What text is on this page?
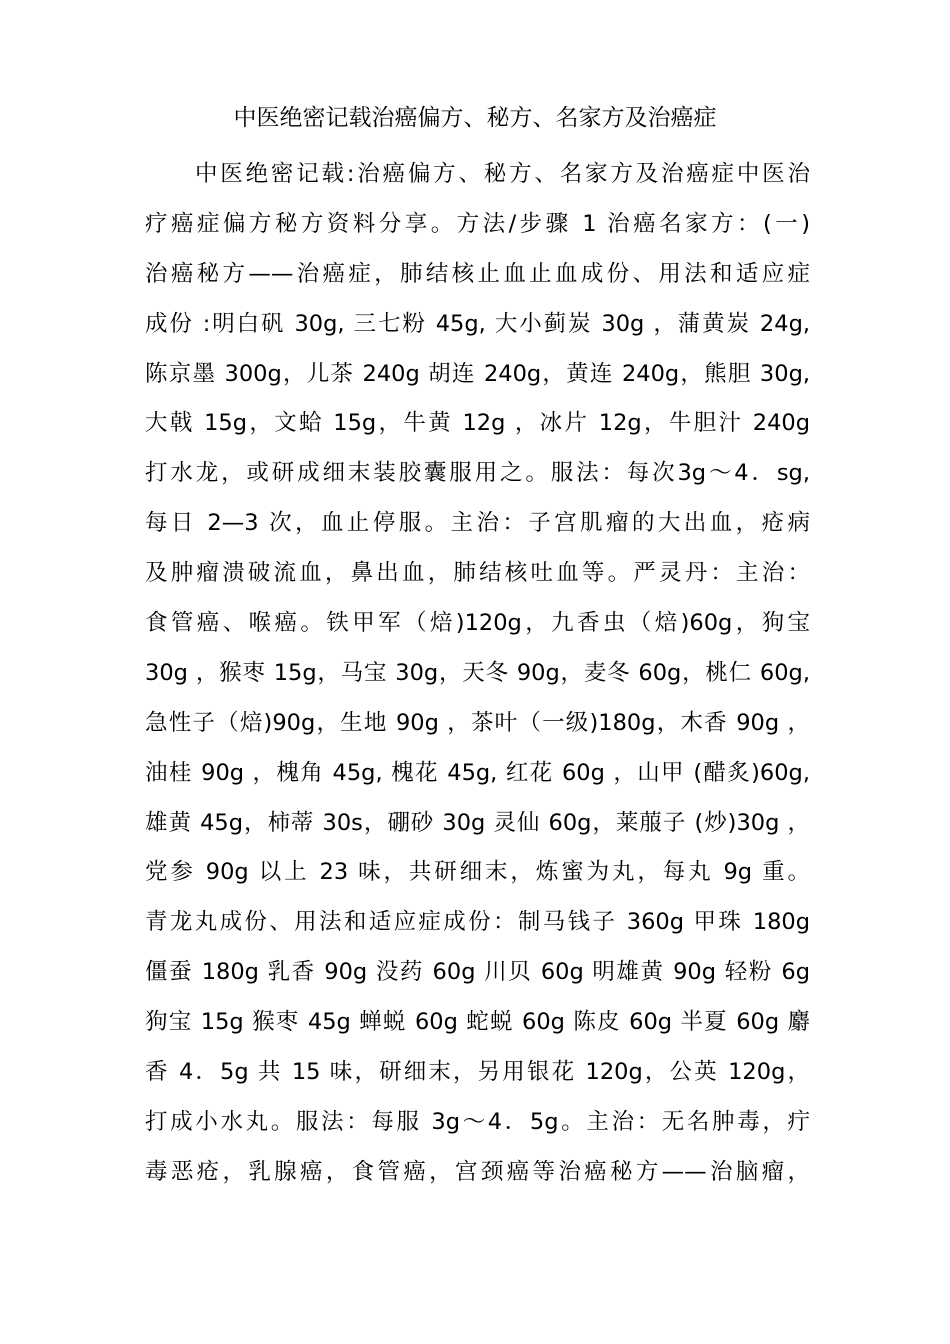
中医绝密记载治癌偏方、秘方、名家方及治癌症
中医绝密记载:治癌偏方、秘方、名家方及治癌症中医治
疗癌症偏方秘方资料分享。方法/步骤 1 治癌名家方：(一)
治癌秘方——治癌症，肺结核止血止血成份、用法和适应症
成份 :明白矾 30g, 三七粉 45g, 大小蓟炭 30g ，蒲黄炭 24g,
陈京墨 300g，儿茶 240g 胡连 240g，黄连 240g，熊胆 30g,
大戟 15g，文蛤 15g，牛黄 12g ，冰片 12g，牛胆汁 240g
打水龙，或研成细末装胶囊服用之。服法：每次3g～4．sg,
每日 2—3 次，血止停服。主治：子宫肌瘤的大出血，疮病
及肿瘤溃破流血，鼻出血，肺结核吐血等。严灵丹：主治：
食管癌、喉癌。铁甲军（焙)120g，九香虫（焙)60g，狗宝
30g ，猴枣 15g，马宝 30g，天冬 90g，麦冬 60g，桃仁 60g,
急性子（焙)90g，生地 90g ，茶叶（一级)180g，木香 90g ，
油桂 90g ，槐角 45g, 槐花 45g, 红花 60g ，山甲 (醋炙)60g,
雄黄 45g，柿蒂 30s，硼砂 30g 灵仙 60g，莱菔子 (炒)30g ，
党参 90g 以上 23 味，共研细末，炼蜜为丸，每丸 9g 重。
青龙丸成份、用法和适应症成份：制马钱子 360g 甲珠 180g
僵蚕 180g 乳香 90g 没药 60g 川贝 60g 明雄黄 90g 轻粉 6g
狗宝 15g 猴枣 45g 蝉蜕 60g 蛇蜕 60g 陈皮 60g 半夏 60g 麝
香 4．5g 共 15 味，研细末，另用银花 120g，公英 120g，
打成小水丸。服法：每服 3g～4．5g。主治：无名肿毒，疔
毒恶疮，乳腺癌，食管癌，宫颈癌等治癌秘方——治脑瘤，
